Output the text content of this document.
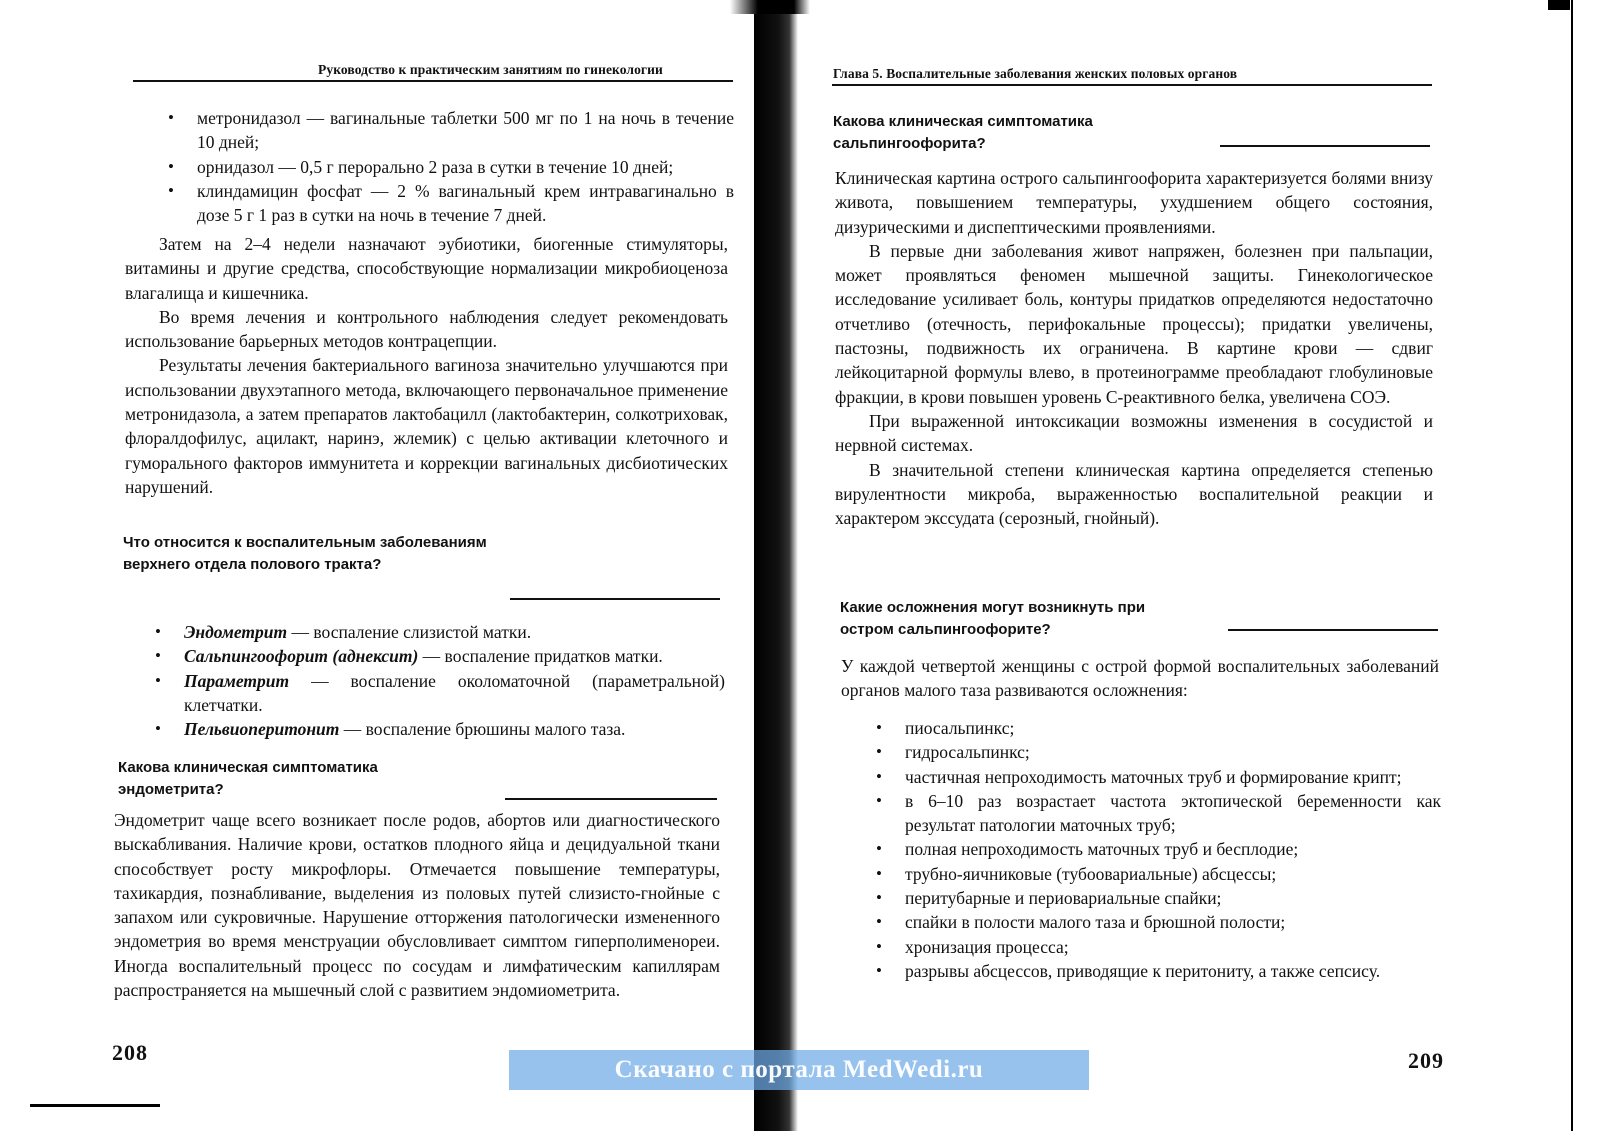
Руководство к практическим занятиям по гинекологии
• метронидазол — вагинальные таблетки 500 мг по 1 на ночь в течение 10 дней;
• орнидазол — 0,5 г перорально 2 раза в сутки в течение 10 дней;
• клиндамицин фосфат — 2 % вагинальный крем интравагинально в дозе 5 г 1 раз в сутки на ночь в течение 7 дней.

Затем на 2–4 недели назначают эубиотики, биогенные стимуляторы, витамины и другие средства, способствующие нормализации микробиоценоза влагалища и кишечника.

Во время лечения и контрольного наблюдения следует рекомендовать использование барьерных методов контрацепции.

Результаты лечения бактериального вагиноза значительно улучшаются при использовании двухэтапного метода, включающего первоначальное применение метронидазола, а затем препаратов лактобацилл (лактобактерин, солкотриховак, флоралдофилус, ацилакт, наринэ, жлемик) с целью активации клеточного и гуморального факторов иммунитета и коррекции вагинальных дисбиотических нарушений.

Что относится к воспалительным заболеваниям верхнего отдела полового тракта?
• Эндометрит — воспаление слизистой матки.
• Сальпингоофорит (аднексит) — воспаление придатков матки.
• Параметрит — воспаление околоматочной (параметральной) клетчатки.
• Пельвиоперитонит — воспаление брюшины малого таза.
Какова клиническая симптоматика эндометрита?

Эндометрит чаще всего возникает после родов, абортов или диагностического выскабливания. Наличие крови, остатков плодного яйца и децидуальной ткани способствует росту микрофлоры. Отмечается повышение температуры, тахикардия, познабливание, выделения из половых путей слизисто-гнойные с запахом или сукровичные. Нарушение отторжения патологически измененного эндометрия во время менструации обусловливает симптом гиперполименореи. Иногда воспалительный процесс по сосудам и лимфатическим капиллярам распространяется на мышечный слой с развитием эндомиометрита.

208
Глава 5. Воспалительные заболевания женских половых органов
Какова клиническая симптоматика сальпингоофорита?

Клиническая картина острого сальпингоофорита характеризуется болями внизу живота, повышением температуры, ухудшением общего состояния, дизурическими и диспептическими проявлениями.

В первые дни заболевания живот напряжен, болезнен при пальпации, может проявляться феномен мышечной защиты. Гинекологическое исследование усиливает боль, контуры придатков определяются недостаточно отчетливо (отечность, перифокальные процессы); придатки увеличены, пастозны, подвижность их ограничена. В картине крови — сдвиг лейкоцитарной формулы влево, в протеинограмме преобладают глобулиновые фракции, в крови повышен уровень С-реактивного белка, увеличена СОЭ.

При выраженной интоксикации возможны изменения в сосудистой и нервной системах.

В значительной степени клиническая картина определяется степенью вирулентности микроба, выраженностью воспалительной реакции и характером экссудата (серозный, гнойный).

Какие осложнения могут возникнуть при остром сальпингоофорите?

У каждой четвертой женщины с острой формой воспалительных заболеваний органов малого таза развиваются осложнения:

• пиосальпинкс;
• гидросальпинкс;
• частичная непроходимость маточных труб и формирование крипт;
• в 6–10 раз возрастает частота эктопической беременности как результат патологии маточных труб;
• полная непроходимость маточных труб и бесплодие;
• трубно-яичниковые (тубоовариальные) абсцессы;
• перитубарные и периовариальные спайки;
• спайки в полости малого таза и брюшной полости;
• хронизация процесса;
• разрывы абсцессов, приводящие к перитониту, а также сепсису.
209
Скачано с портала MedWedi.ru
